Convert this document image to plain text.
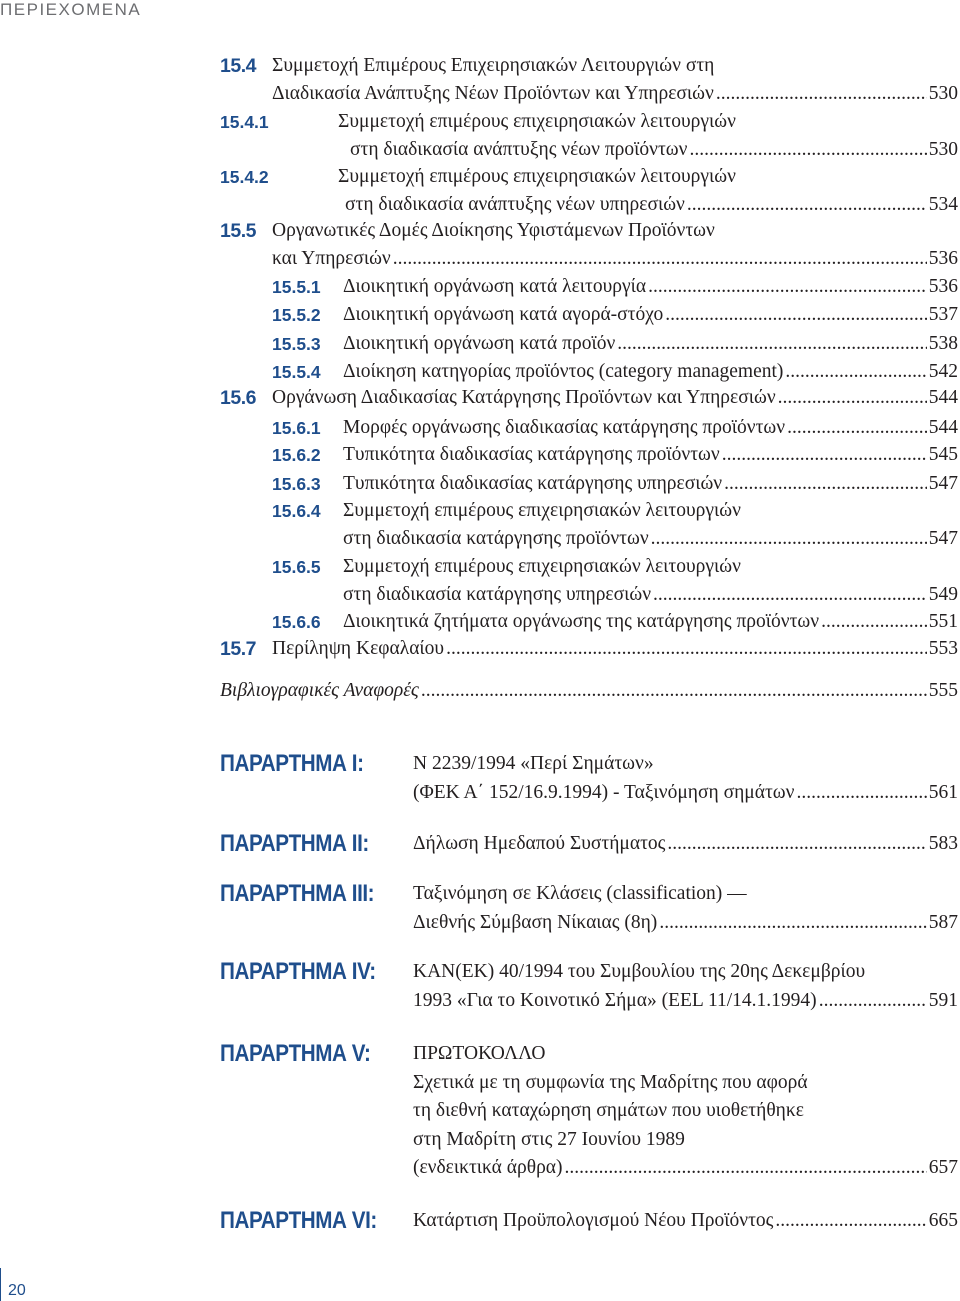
ΠΕΡΙΕΧΟΜΕΝΑ
15.4 Συμμετοχή Επιμέρους Επιχειρησιακών Λειτουργιών στη
Διαδικασία Ανάπτυξης Νέων Προϊόντων και Υπηρεσιών .....	530
15.4.1	Συμμετοχή επιμέρους επιχειρησιακών λειτουργιών
στη διαδικασία ανάπτυξης νέων προϊόντων .....	530
15.4.2	Συμμετοχή επιμέρους επιχειρησιακών λειτουργιών
στη διαδικασία ανάπτυξης νέων υπηρεσιών .....	534
15.5 Οργανωτικές Δομές Διοίκησης Υφιστάμενων Προϊόντων
και Υπηρεσιών .....	536
15.5.1 Διοικητική οργάνωση κατά λειτουργία .....	536
15.5.2 Διοικητική οργάνωση κατά αγορά-στόχο .....	537
15.5.3 Διοικητική οργάνωση κατά προϊόν .....	538
15.5.4 Διοίκηση κατηγορίας προϊόντος (category management) .....	542
15.6 Οργάνωση Διαδικασίας Κατάργησης Προϊόντων και Υπηρεσιών .....	544
15.6.1 Μορφές οργάνωσης διαδικασίας κατάργησης προϊόντων .....	544
15.6.2 Τυπικότητα διαδικασίας κατάργησης προϊόντων .....	545
15.6.3 Τυπικότητα διαδικασίας κατάργησης υπηρεσιών .....	547
15.6.4 Συμμετοχή επιμέρους επιχειρησιακών λειτουργιών
στη διαδικασία κατάργησης προϊόντων .....	547
15.6.5 Συμμετοχή επιμέρους επιχειρησιακών λειτουργιών
στη διαδικασία κατάργησης υπηρεσιών .....	549
15.6.6 Διοικητικά ζητήματα οργάνωσης της κατάργησης προϊόντων .....	551
15.7 Περίληψη Κεφαλαίου .....	553
Βιβλιογραφικές Αναφορές .....	555
ΠΑΡΑΡΤΗΜΑ I:	Ν 2239/1994 «Περί Σημάτων»
(ΦΕΚ Α΄ 152/16.9.1994) - Ταξινόμηση σημάτων .....	561
ΠΑΡΑΡΤΗΜΑ II: Δήλωση Ημεδαπού Συστήματος .....	583
ΠΑΡΑΡΤΗΜΑ III: Ταξινόμηση σε Κλάσεις (classification) —
Διεθνής Σύμβαση Νίκαιας (8η) .....	587
ΠΑΡΑΡΤΗΜΑ IV: ΚΑΝ(ΕΚ) 40/1994 του Συμβουλίου της 20ης Δεκεμβρίου
1993 «Για το Κοινοτικό Σήμα» (EEL 11/14.1.1994) .....	591
ΠΑΡΑΡΤΗΜΑ V: ΠΡΩΤΟΚΟΛΛΟ
Σχετικά με τη συμφωνία της Μαδρίτης που αφορά
τη διεθνή καταχώρηση σημάτων που υιοθετήθηκε
στη Μαδρίτη στις 27 Ιουνίου 1989
(ενδεικτικά άρθρα) .....	657
ΠΑΡΑΡΤΗΜΑ VI: Κατάρτιση Προϋπολογισμού Νέου Προϊόντος .....	665
20
